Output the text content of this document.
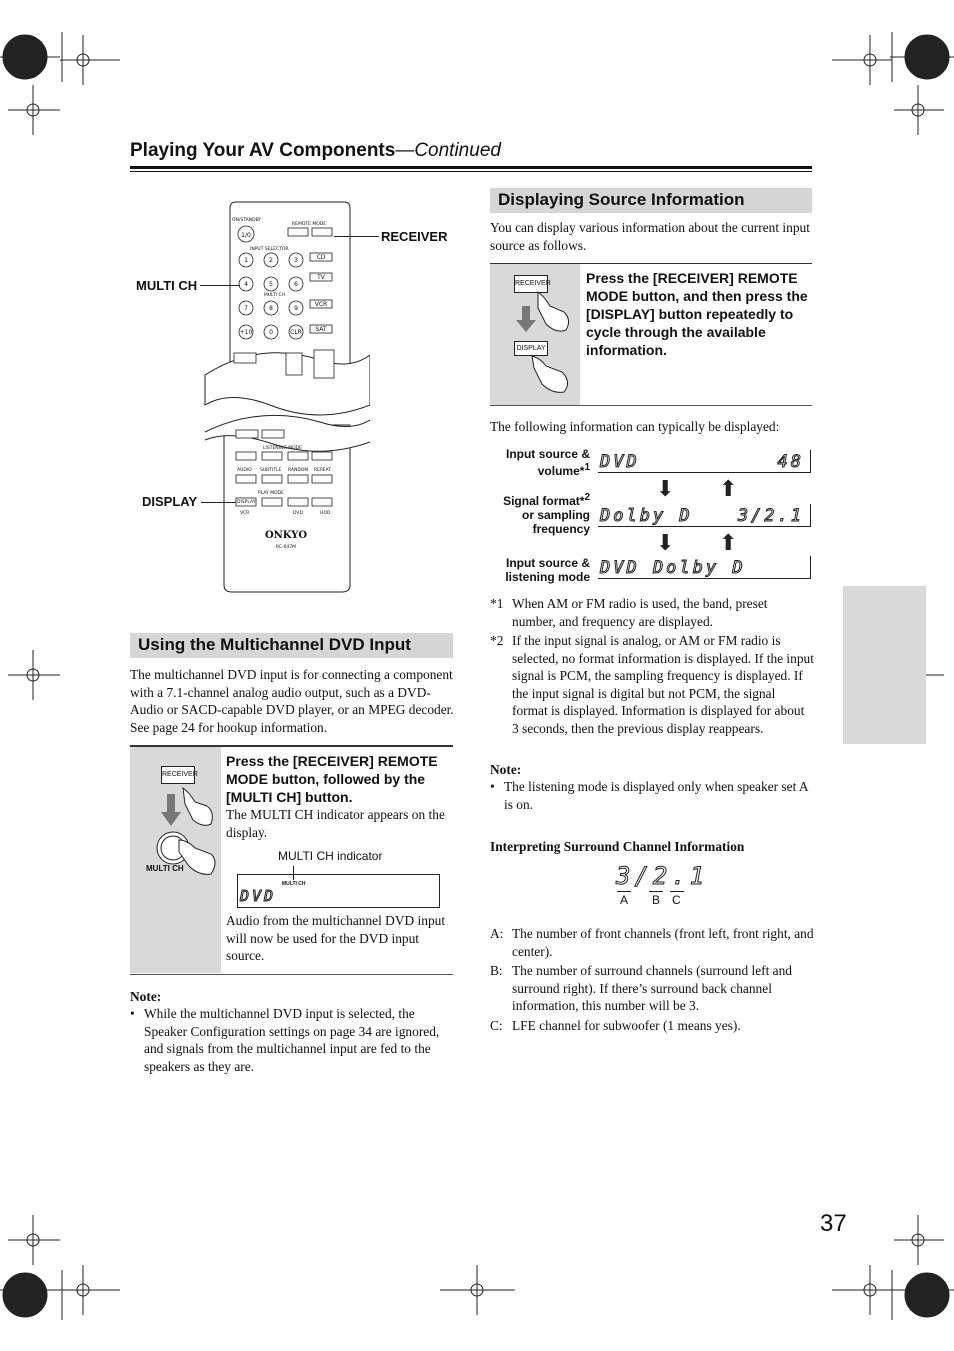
Playing Your AV Components—Continued
1/0
1	2	3
4	5	6
7	8	9
+10	0	CLR
CD
TV
VCR
SAT
ON/STANDBY
REMOTE MODE
INPUT SELECTOR
MULTI CH
LISTENING MODE
AUDIO SUBTITLE RANDOM REPEAT
PLAY MODE
DISPLAY
VCR	DVD	HDD
ONKYO
RC-647M
RECEIVER
MULTI CH
DISPLAY
Using the Multichannel DVD Input
The multichannel DVD input is for connecting a component with a 7.1-channel analog audio output, such as a DVD-Audio or SACD-capable DVD player, or an MPEG decoder. See page 24 for hookup information.
RECEIVER
MULTI CH
Press the [RECEIVER] REMOTE MODE button, followed by the [MULTI CH] button.
The MULTI CH indicator appears on the display.
MULTI CH indicator
MULTI CH
DVD
Audio from the multichannel DVD input will now be used for the DVD input source.
Note:
• While the multichannel DVD input is selected, the Speaker Configuration settings on page 34 are ignored, and signals from the multichannel input are fed to the speakers as they are.
Displaying Source Information
You can display various information about the current input source as follows.
RECEIVER
DISPLAY
Press the [RECEIVER] REMOTE MODE button, and then press the [DISPLAY] button repeatedly to cycle through the available information.
The following information can typically be displayed:
Input source &
volume*$^1$ DVD	48
⬇ ⬆
Signal format*$^2$
or sampling
frequency
Dolby D	3/2.1
⬇ ⬆
Input source &
listening mode DVD Dolby D
*1 When AM or FM radio is used, the band, preset number, and frequency are displayed.
*2 If the input signal is analog, or AM or FM radio is selected, no format information is displayed. If the input signal is PCM, the sampling frequency is displayed. If the input signal is digital but not PCM, the signal format is displayed. Information is displayed for about 3 seconds, then the previous display reappears.
Note:
• The listening mode is displayed only when speaker set A is on.
Interpreting Surround Channel Information
3/2.1
A B C
A: The number of front channels (front left, front right, and center).
B: The number of surround channels (surround left and surround right). If there’s surround back channel information, this number will be 3.
C: LFE channel for subwoofer (1 means yes).
37
